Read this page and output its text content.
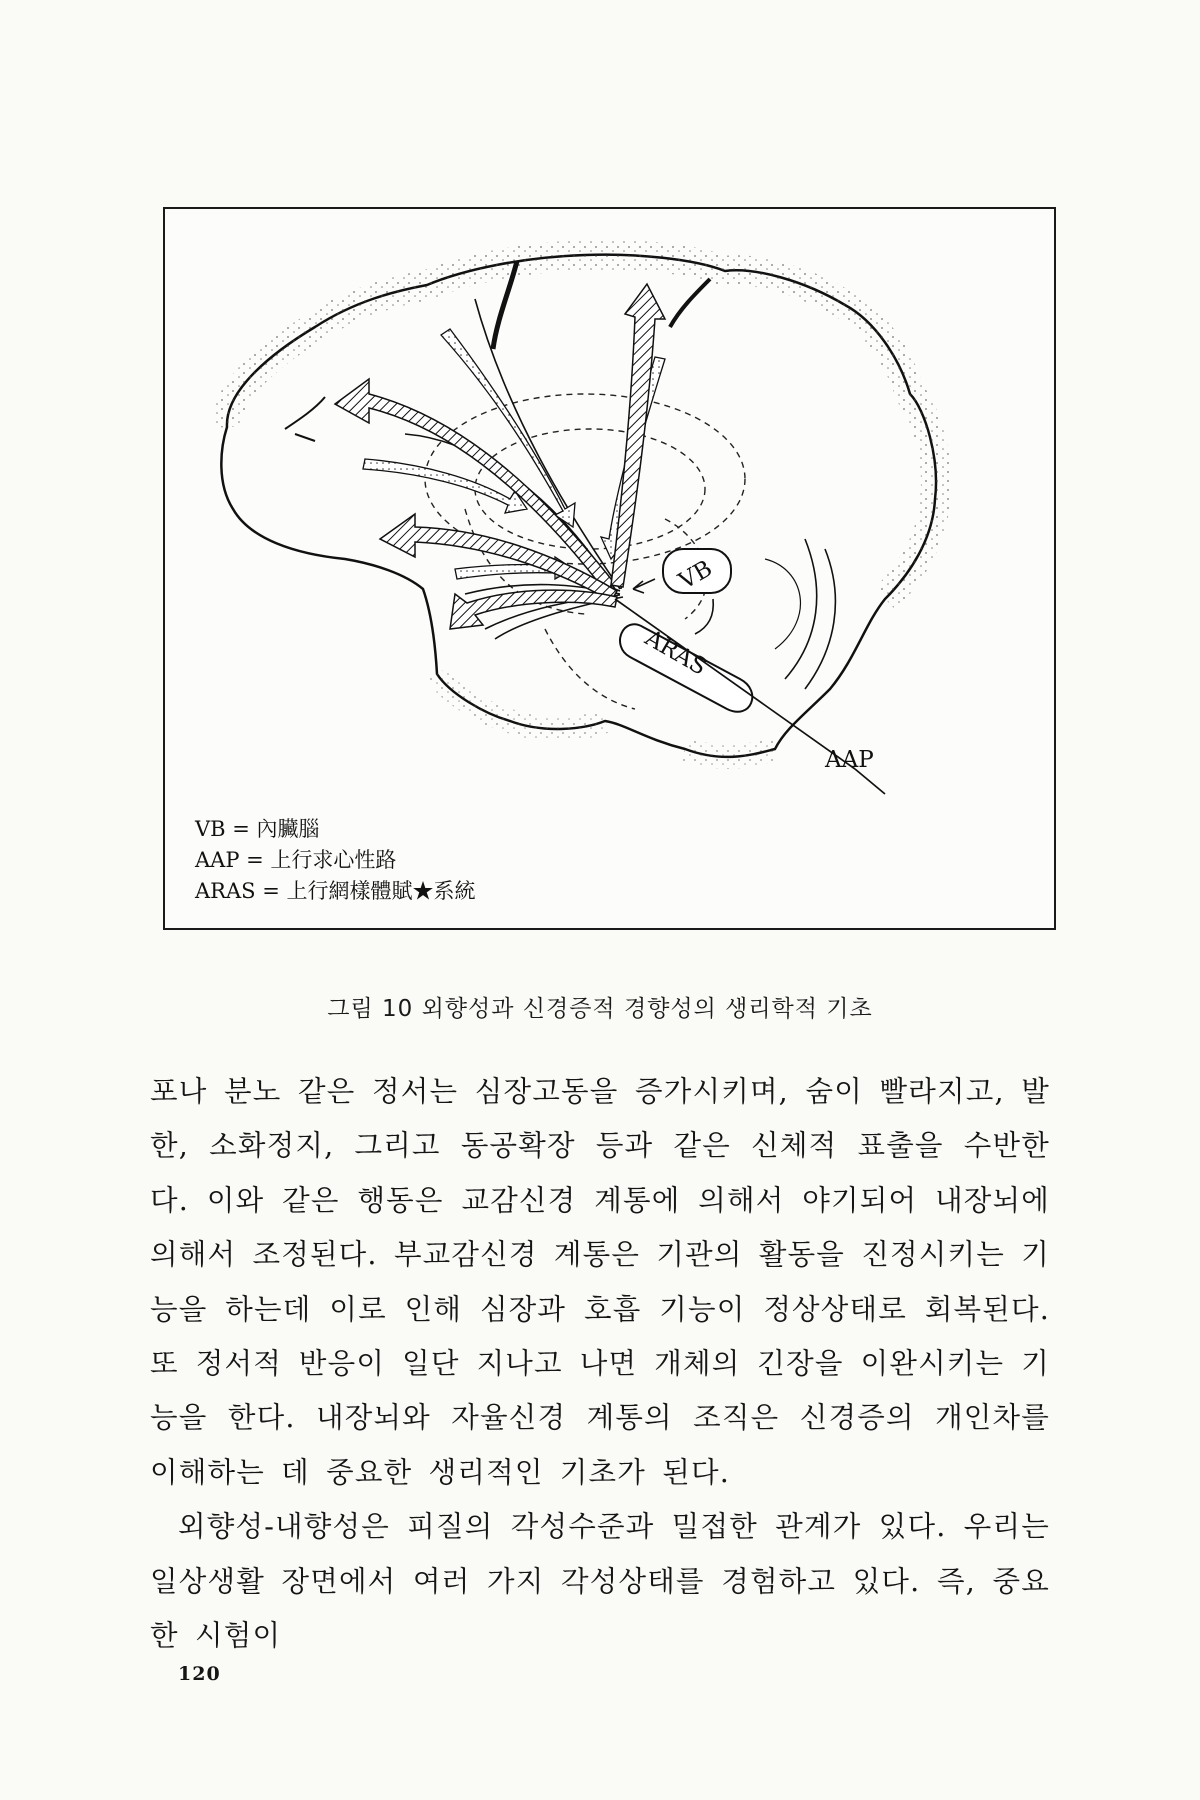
VB
ARAS
AAP
VB = 內臟腦
AAP = 上行求心性路
ARAS = 上行網樣體賦★系統
그림 10 외향성과 신경증적 경향성의 생리학적 기초

포나 분노 같은 정서는 심장고동을 증가시키며, 숨이 빨라지고, 발한, 소화정지, 그리고 동공확장 등과 같은 신체적 표출을 수반한다. 이와 같은 행동은 교감신경 계통에 의해서 야기되어 내장뇌에 의해서 조정된다. 부교감신경 계통은 기관의 활동을 진정시키는 기능을 하는데 이로 인해 심장과 호흡 기능이 정상상태로 회복된다. 또 정서적 반응이 일단 지나고 나면 개체의 긴장을 이완시키는 기능을 한다. 내장뇌와 자율신경 계통의 조직은 신경증의 개인차를 이해하는 데 중요한 생리적인 기초가 된다.

외향성-내향성은 피질의 각성수준과 밀접한 관계가 있다. 우리는 일상생활 장면에서 여러 가지 각성상태를 경험하고 있다. 즉, 중요한 시험이

120
